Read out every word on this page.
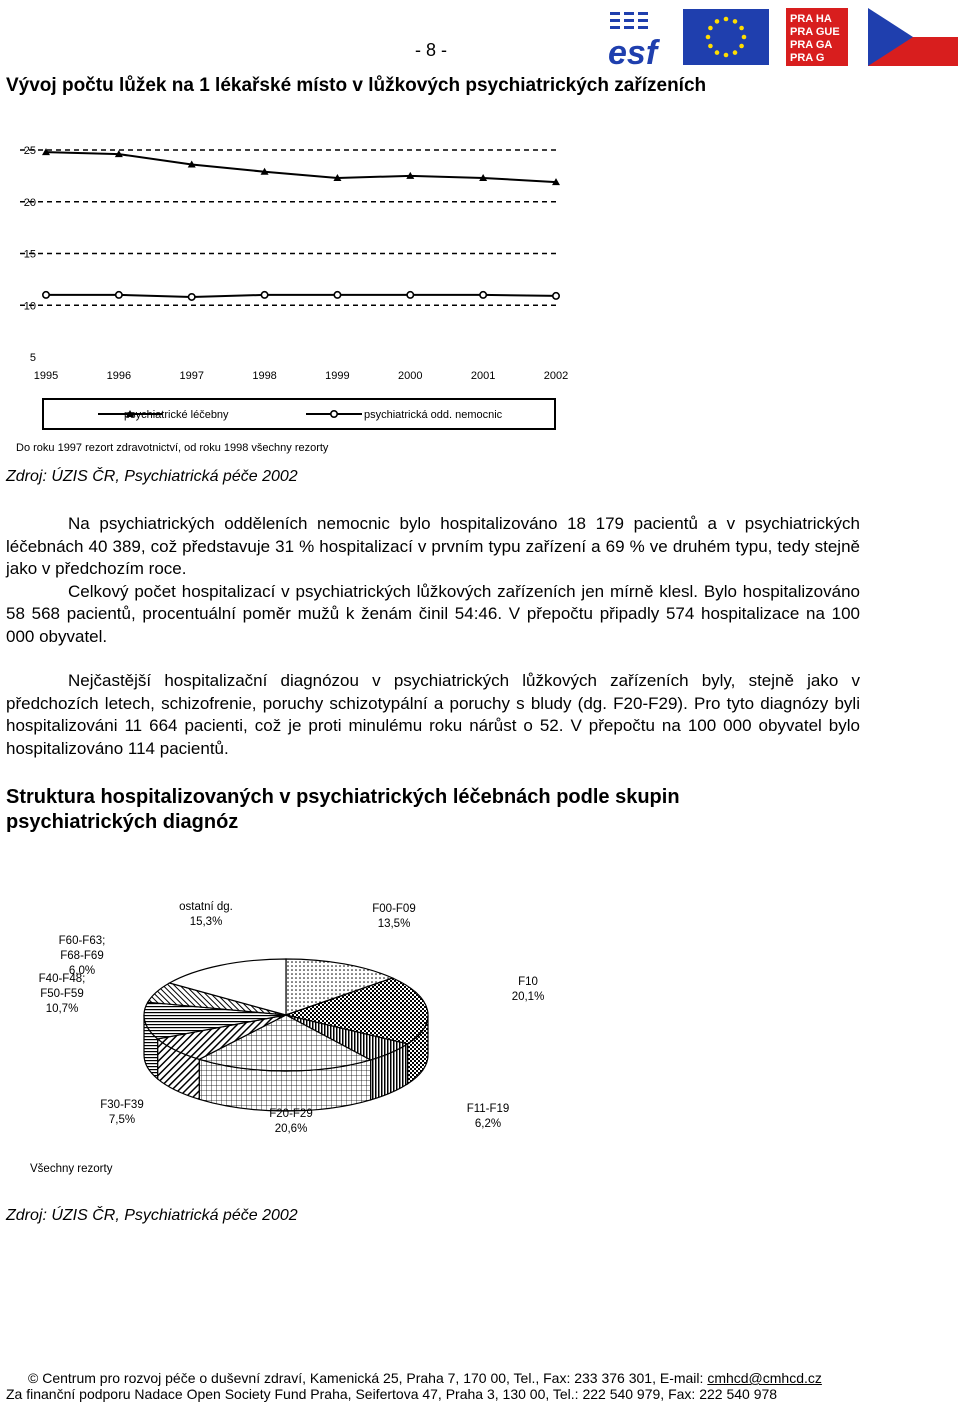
- 8 -	esf
PRA HA
PRA GUE
PRA GA
PRA G
Vývoj počtu lůžek na 1 lékařské místo v lůžkových psychiatrických zařízeních
25
20
15
10
5
1995	1996	1997	1998	1999	2000	2001	2002
psychiatrické léčebny	psychiatrická odd. nemocnic
Do roku 1997 rezort zdravotnictví, od roku 1998 všechny rezorty
Zdroj: ÚZIS ČR, Psychiatrická péče 2002

Na psychiatrických odděleních nemocnic bylo hospitalizováno 18 179 pacientů a v psychiatrických léčebnách 40 389, což představuje 31 % hospitalizací v prvním typu zařízení a 69 % ve druhém typu, tedy stejně jako v předchozím roce.

Celkový počet hospitalizací v psychiatrických lůžkových zařízeních jen mírně klesl. Bylo hospitalizováno 58 568 pacientů, procentuální poměr mužů k ženám činil 54:46. V přepočtu připadly 574 hospitalizace na 100 000 obyvatel.

Nejčastější hospitalizační diagnózou v psychiatrických lůžkových zařízeních byly, stejně jako v předchozích letech, schizofrenie, poruchy schizotypální a poruchy s bludy (dg. F20-F29). Pro tyto diagnózy byli hospitalizováni 11 664 pacienti, což je proti minulému roku nárůst o 52. V přepočtu na 100 000 obyvatel bylo hospitalizováno 114 pacientů.

Struktura hospitalizovaných v psychiatrických léčebnách podle skupin psychiatrických diagnóz
F00-F09 13,5%
F10 20,1%
F11-F19 6,2%
F20-F29 20,6%
F30-F39 7,5%
F40-F48; F50-F59 10,7%
F60-F63; F68-F69 6,0%
ostatní dg. 15,3%
Všechny rezorty
Zdroj: ÚZIS ČR, Psychiatrická péče 2002
© Centrum pro rozvoj péče o duševní zdraví, Kamenická 25, Praha 7, 170 00, Tel., Fax: 233 376 301, E-mail: cmhcd@cmhcd.cz
Za finanční podporu Nadace Open Society Fund Praha, Seifertova 47, Praha 3, 130 00, Tel.: 222 540 979, Fax: 222 540 978
